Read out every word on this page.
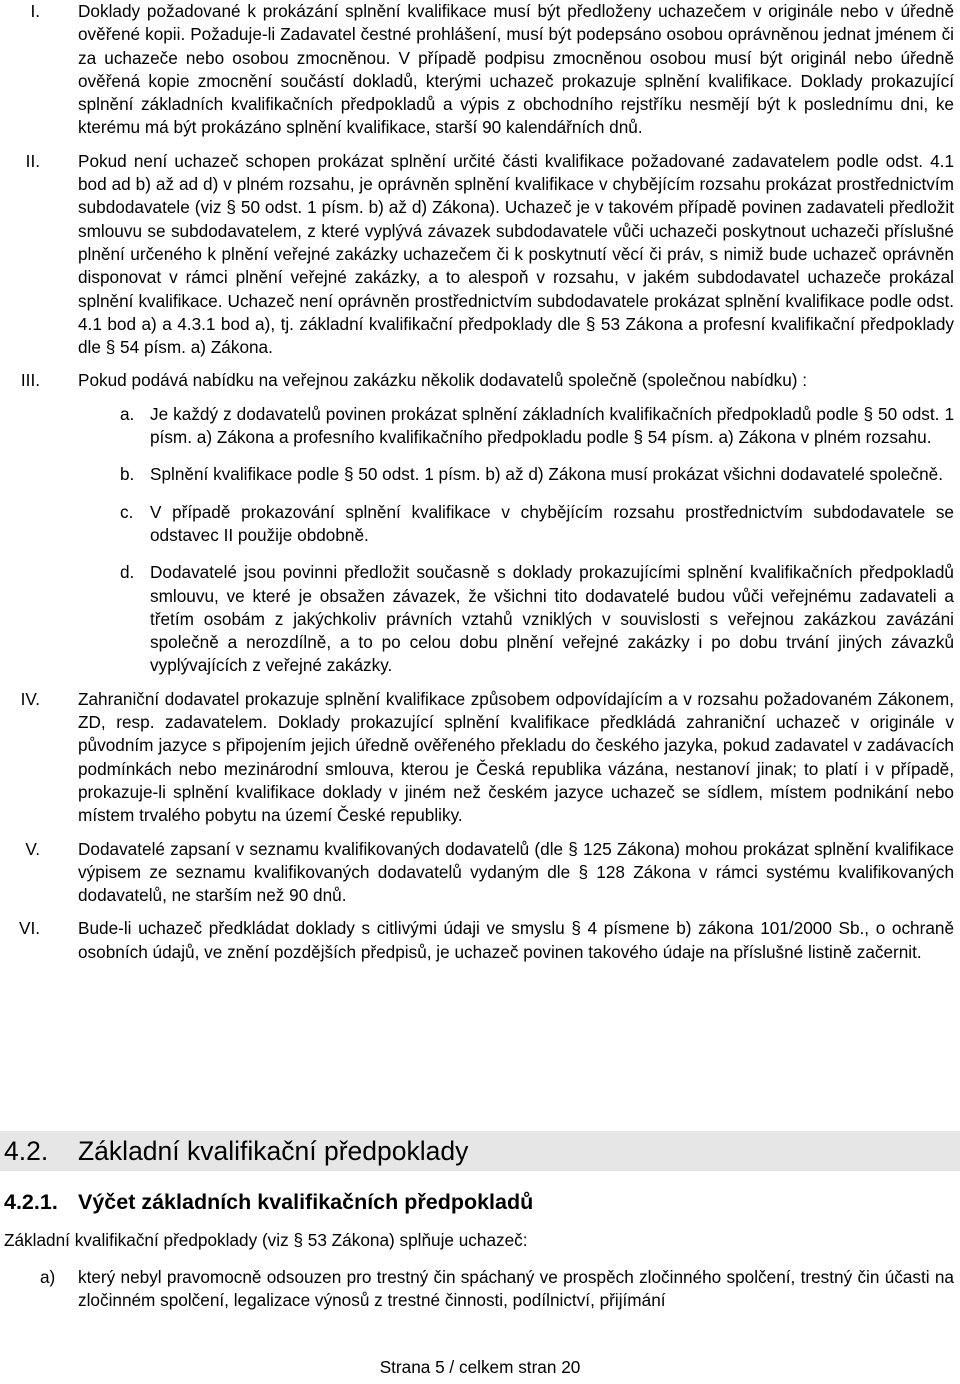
I. Doklady požadované k prokázání splnění kvalifikace musí být předloženy uchazečem v originále nebo v úředně ověřené kopii. Požaduje-li Zadavatel čestné prohlášení, musí být podepsáno osobou oprávněnou jednat jménem či za uchazeče nebo osobou zmocněnou. V případě podpisu zmocněnou osobou musí být originál nebo úředně ověřená kopie zmocnění součástí dokladů, kterými uchazeč prokazuje splnění kvalifikace. Doklady prokazující splnění základních kvalifikačních předpokladů a výpis z obchodního rejstříku nesmějí být k poslednímu dni, ke kterému má být prokázáno splnění kvalifikace, starší 90 kalendářních dnů.
II. Pokud není uchazeč schopen prokázat splnění určité části kvalifikace požadované zadavatelem podle odst. 4.1 bod ad b) až ad d) v plném rozsahu, je oprávněn splnění kvalifikace v chybějícím rozsahu prokázat prostřednictvím subdodavatele (viz § 50 odst. 1 písm. b) až d) Zákona). Uchazeč je v takovém případě povinen zadavateli předložit smlouvu se subdodavatelem, z které vyplývá závazek subdodavatele vůči uchazeči poskytnout uchazeči příslušné plnění určeného k plnění veřejné zakázky uchazečem či k poskytnutí věcí či práv, s nimiž bude uchazeč oprávněn disponovat v rámci plnění veřejné zakázky, a to alespoň v rozsahu, v jakém subdodavatel uchazeče prokázal splnění kvalifikace. Uchazeč není oprávněn prostřednictvím subdodavatele prokázat splnění kvalifikace podle odst. 4.1 bod a) a 4.3.1 bod a), tj. základní kvalifikační předpoklady dle § 53 Zákona a profesní kvalifikační předpoklady dle § 54 písm. a) Zákona.
III. Pokud podává nabídku na veřejnou zakázku několik dodavatelů společně (společnou nabídku) :
a. Je každý z dodavatelů povinen prokázat splnění základních kvalifikačních předpokladů podle § 50 odst. 1 písm. a) Zákona a profesního kvalifikačního předpokladu podle § 54 písm. a) Zákona v plném rozsahu.
b. Splnění kvalifikace podle § 50 odst. 1 písm. b) až d) Zákona musí prokázat všichni dodavatelé společně.
c. V případě prokazování splnění kvalifikace v chybějícím rozsahu prostřednictvím subdodavatele se odstavec II použije obdobně.
d. Dodavatelé jsou povinni předložit současně s doklady prokazujícími splnění kvalifikačních předpokladů smlouvu, ve které je obsažen závazek, že všichni tito dodavatelé budou vůči veřejnému zadavateli a třetím osobám z jakýchkoliv právních vztahů vzniklých v souvislosti s veřejnou zakázkou zavázáni společně a nerozdílně, a to po celou dobu plnění veřejné zakázky i po dobu trvání jiných závazků vyplývajících z veřejné zakázky.
IV. Zahraniční dodavatel prokazuje splnění kvalifikace způsobem odpovídajícím a v rozsahu požadovaném Zákonem, ZD, resp. zadavatelem. Doklady prokazující splnění kvalifikace předkládá zahraniční uchazeč v originále v původním jazyce s připojením jejich úředně ověřeného překladu do českého jazyka, pokud zadavatel v zadávacích podmínkách nebo mezinárodní smlouva, kterou je Česká republika vázána, nestanoví jinak; to platí i v případě, prokazuje-li splnění kvalifikace doklady v jiném než českém jazyce uchazeč se sídlem, místem podnikání nebo místem trvalého pobytu na území České republiky.
V. Dodavatelé zapsaní v seznamu kvalifikovaných dodavatelů (dle § 125 Zákona) mohou prokázat splnění kvalifikace výpisem ze seznamu kvalifikovaných dodavatelů vydaným dle § 128 Zákona v rámci systému kvalifikovaných dodavatelů, ne starším než 90 dnů.
VI. Bude-li uchazeč předkládat doklady s citlivými údaji ve smyslu § 4 písmene b) zákona 101/2000 Sb., o ochraně osobních údajů, ve znění pozdějších předpisů, je uchazeč povinen takového údaje na příslušné listině začernit.
4.2. Základní kvalifikační předpoklady
4.2.1. Výčet základních kvalifikačních předpokladů
Základní kvalifikační předpoklady (viz § 53 Zákona) splňuje uchazeč:
a) který nebyl pravomocně odsouzen pro trestný čin spáchaný ve prospěch zločinného spolčení, trestný čin účasti na zločinném spolčení, legalizace výnosů z trestné činnosti, podílnictví, přijímání
Strana 5 / celkem stran 20
